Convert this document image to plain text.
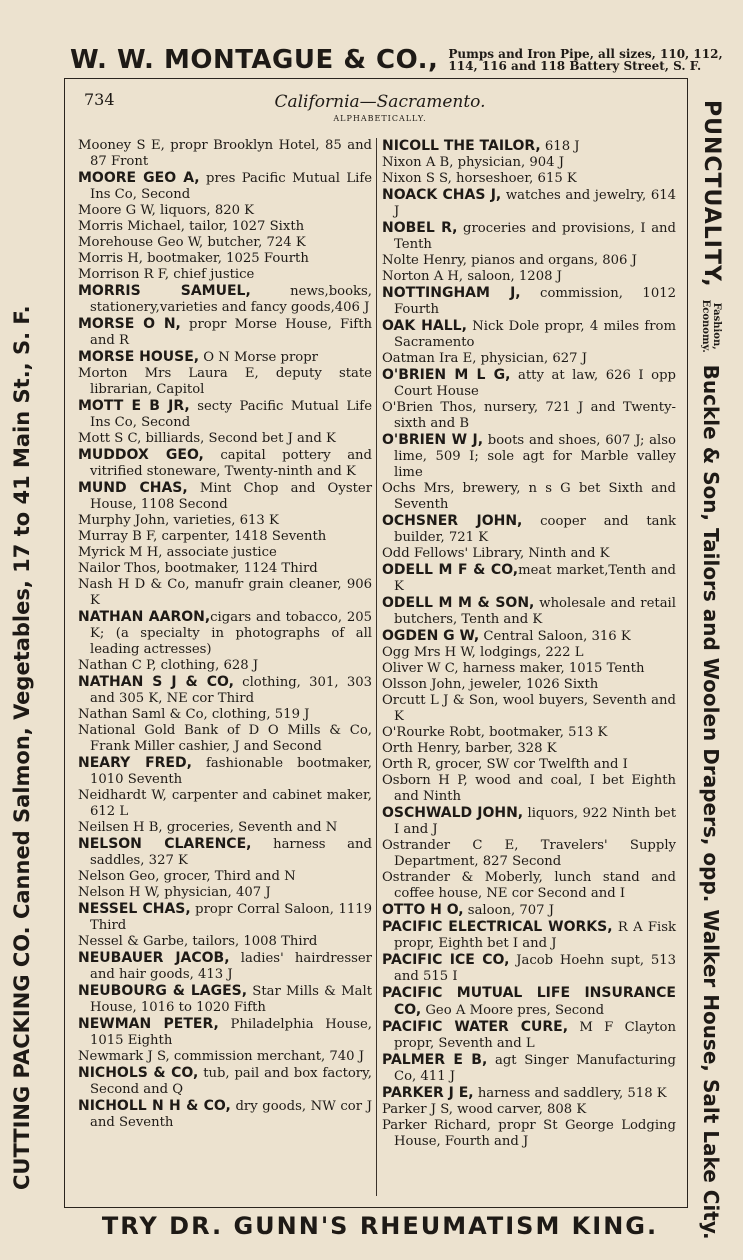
W. W. MONTAGUE & CO., Pumps and Iron Pipe, all sizes, 110, 112,
114, 116 and 118 Battery Street, S. F.
CUTTING PACKING CO. Canned Salmon, Vegetables, 17 to 41 Main St., S. F.
PUNCTUALITY,
Fashion,
Economy.
Buckle & Son, Tailors and Woolen Drapers, opp. Walker House, Salt Lake City.
734	California—Sacramento.
ALPHABETICALLY.

Mooney S E, propr Brooklyn Hotel, 85 and 87 Front

MOORE GEO A, pres Pacific Mutual Life Ins Co, Second

Moore G W, liquors, 820 K

Morris Michael, tailor, 1027 Sixth

Morehouse Geo W, butcher, 724 K

Morris H, bootmaker, 1025 Fourth

Morrison R F, chief justice

MORRIS SAMUEL, news,books, stationery,varieties and fancy goods,406 J

MORSE O N, propr Morse House, Fifth and R

MORSE HOUSE, O N Morse propr

Morton Mrs Laura E, deputy state librarian, Capitol

MOTT E B JR, secty Pacific Mutual Life Ins Co, Second

Mott S C, billiards, Second bet J and K

MUDDOX GEO, capital pottery and vitrified stoneware, Twenty-ninth and K

MUND CHAS, Mint Chop and Oyster House, 1108 Second

Murphy John, varieties, 613 K

Murray B F, carpenter, 1418 Seventh

Myrick M H, associate justice

Nailor Thos, bootmaker, 1124 Third

Nash H D & Co, manufr grain cleaner, 906 K

NATHAN AARON,cigars and tobacco, 205 K; (a specialty in photographs of all leading actresses)

Nathan C P, clothing, 628 J

NATHAN S J & CO, clothing, 301, 303 and 305 K, NE cor Third

Nathan Saml & Co, clothing, 519 J

National Gold Bank of D O Mills & Co, Frank Miller cashier, J and Second

NEARY FRED, fashionable bootmaker, 1010 Seventh

Neidhardt W, carpenter and cabinet maker, 612 L

Neilsen H B, groceries, Seventh and N

NELSON CLARENCE, harness and saddles, 327 K

Nelson Geo, grocer, Third and N

Nelson H W, physician, 407 J

NESSEL CHAS, propr Corral Saloon, 1119 Third

Nessel & Garbe, tailors, 1008 Third

NEUBAUER JACOB, ladies' hairdresser and hair goods, 413 J

NEUBOURG & LAGES, Star Mills & Malt House, 1016 to 1020 Fifth

NEWMAN PETER, Philadelphia House, 1015 Eighth

Newmark J S, commission merchant, 740 J

NICHOLS & CO, tub, pail and box factory, Second and Q

NICHOLL N H & CO, dry goods, NW cor J and Seventh

NICOLL THE TAILOR, 618 J

Nixon A B, physician, 904 J

Nixon S S, horseshoer, 615 K

NOACK CHAS J, watches and jewelry, 614 J

NOBEL R, groceries and provisions, I and Tenth

Nolte Henry, pianos and organs, 806 J

Norton A H, saloon, 1208 J

NOTTINGHAM J, commission, 1012 Fourth

OAK HALL, Nick Dole propr, 4 miles from Sacramento

Oatman Ira E, physician, 627 J

O'BRIEN M L G, atty at law, 626 I opp Court House

O'Brien Thos, nursery, 721 J and Twenty-sixth and B

O'BRIEN W J, boots and shoes, 607 J; also lime, 509 I; sole agt for Marble valley lime

Ochs Mrs, brewery, n s G bet Sixth and Seventh

OCHSNER JOHN, cooper and tank builder, 721 K

Odd Fellows' Library, Ninth and K

ODELL M F & CO,meat market,Tenth and K

ODELL M M & SON, wholesale and retail butchers, Tenth and K

OGDEN G W, Central Saloon, 316 K

Ogg Mrs H W, lodgings, 222 L

Oliver W C, harness maker, 1015 Tenth

Olsson John, jeweler, 1026 Sixth

Orcutt L J & Son, wool buyers, Seventh and K

O'Rourke Robt, bootmaker, 513 K

Orth Henry, barber, 328 K

Orth R, grocer, SW cor Twelfth and I

Osborn H P, wood and coal, I bet Eighth and Ninth

OSCHWALD JOHN, liquors, 922 Ninth bet I and J

Ostrander C E, Travelers' Supply Department, 827 Second

Ostrander & Moberly, lunch stand and coffee house, NE cor Second and I

OTTO H O, saloon, 707 J

PACIFIC ELECTRICAL WORKS, R A Fisk propr, Eighth bet I and J

PACIFIC ICE CO, Jacob Hoehn supt, 513 and 515 I

PACIFIC MUTUAL LIFE INSURANCE CO, Geo A Moore pres, Second

PACIFIC WATER CURE, M F Clayton propr, Seventh and L

PALMER E B, agt Singer Manufacturing Co, 411 J

PARKER J E, harness and saddlery, 518 K

Parker J S, wood carver, 808 K

Parker Richard, propr St George Lodging House, Fourth and J

TRY DR. GUNN'S RHEUMATISM KING.
